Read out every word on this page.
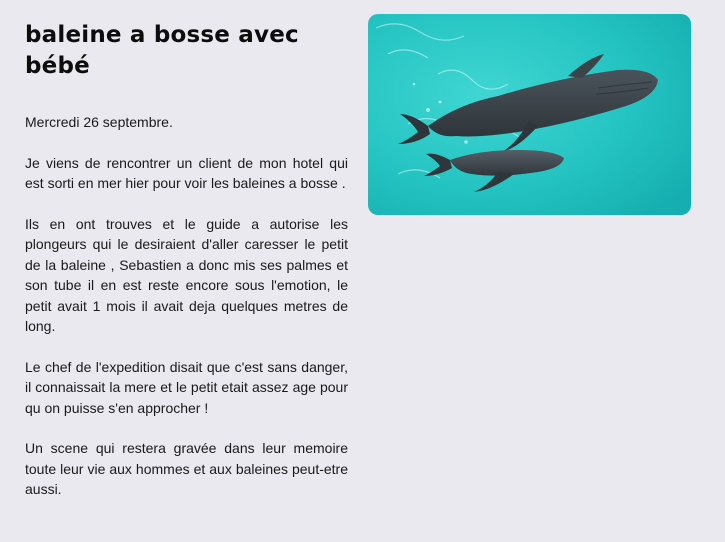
baleine a bosse avec bébé
Mercredi 26 septembre.

Je viens de rencontrer un client de mon hotel qui est sorti en mer hier pour voir les baleines a bosse .

Ils en ont trouves et le guide a autorise les plongeurs qui le desiraient d'aller caresser le petit de la baleine , Sebastien a donc mis ses palmes et son tube il en est reste encore sous l'emotion, le petit avait 1 mois il avait deja quelques metres de long.

Le chef de l'expedition disait que c'est sans danger, il connaissait la mere et le petit etait assez age pour qu on puisse s'en approcher !

Un scene qui restera gravée dans leur memoire toute leur vie aux hommes et aux baleines peut-etre aussi.
